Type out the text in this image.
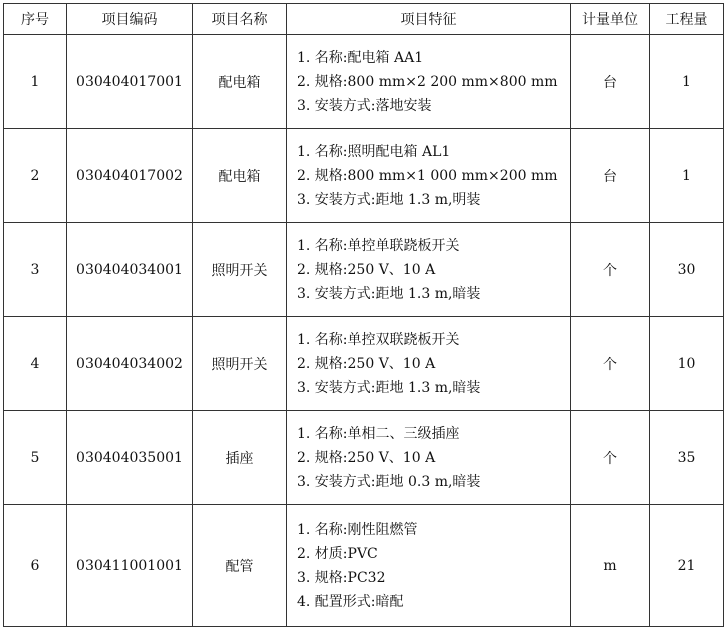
序号	项目编码	项目名称	项目特征	计量单位	工程量
1	030404017001	配电箱	1. 名称:配电箱 AA1
2. 规格:800 mm×2 200 mm×800 mm
3. 安装方式:落地安装	台	1
2	030404017002	配电箱	1. 名称:照明配电箱 AL1
2. 规格:800 mm×1 000 mm×200 mm
3. 安装方式:距地 1.3 m,明装	台	1
3	030404034001	照明开关	1. 名称:单控单联跷板开关
2. 规格:250 V、10 A
3. 安装方式:距地 1.3 m,暗装	个	30
4	030404034002	照明开关	1. 名称:单控双联跷板开关
2. 规格:250 V、10 A
3. 安装方式:距地 1.3 m,暗装	个	10
5	030404035001	插座	1. 名称:单相二、三级插座
2. 规格:250 V、10 A
3. 安装方式:距地 0.3 m,暗装	个	35
6	030411001001	配管	1. 名称:刚性阻燃管
2. 材质:PVC
3. 规格:PC32
4. 配置形式:暗配	m	21
